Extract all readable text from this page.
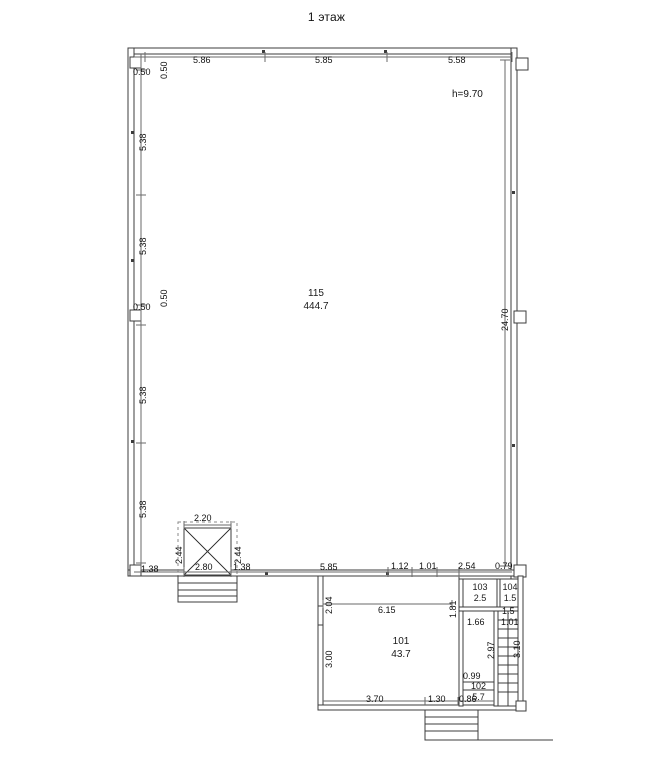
1 этаж
115
444.7
101
43.7
103
2.5
104
1.5
102
5.7
h=9.70
5.86	5.85	5.58
0.50 0.50
5.38
5.38
0.50 0.50
5.38
5.38
1.38
24.70
2.20
2.44	2.44
2.80 1.38	5.85	1.12 1.01 2.54 0.79
6.15	1.81
2.04
3.00
3.70	1.30 0.86
1.66 1.01
0.99
2.97 3.10
1.5
